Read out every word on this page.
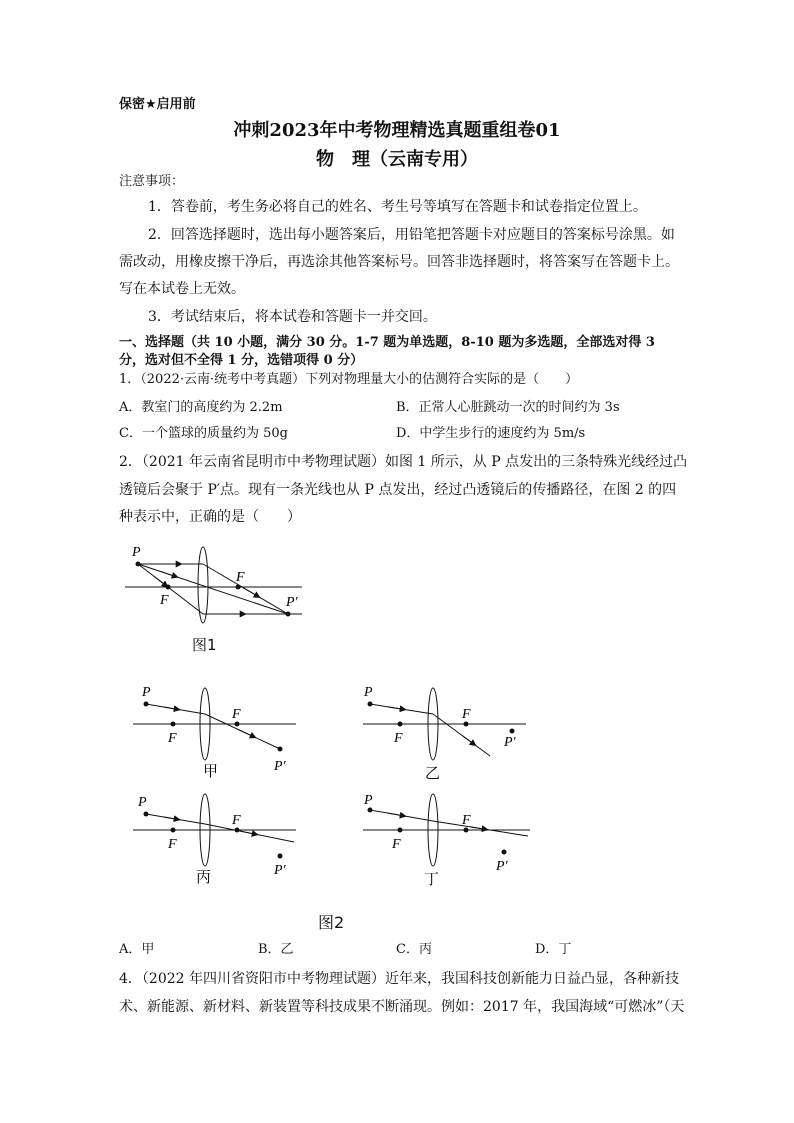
保密★启用前
冲刺2023年中考物理精选真题重组卷01
物　理（云南专用）
注意事项：
1．答卷前，考生务必将自己的姓名、考生号等填写在答题卡和试卷指定位置上。
2．回答选择题时，选出每小题答案后，用铅笔把答题卡对应题目的答案标号涂黑。如
需改动，用橡皮擦干净后，再选涂其他答案标号。回答非选择题时，将答案写在答题卡上。
写在本试卷上无效。
3．考试结束后，将本试卷和答题卡一并交回。
一、选择题（共 10 小题，满分 30 分。1-7 题为单选题，8-10 题为多选题，全部选对得 3
分，选对但不全得 1 分，选错项得 0 分）
1．（2022·云南·统考中考真题）下列对物理量大小的估测符合实际的是（　　）
A．教室门的高度约为 2.2m	B．正常人心脏跳动一次的时间约为 3s
C．一个篮球的质量约为 50g	D．中学生步行的速度约为 5m/s
2．（2021 年云南省昆明市中考物理试题）如图 1 所示，从 P 点发出的三条特殊光线经过凸
透镜后会聚于 P′点。现有一条光线也从 P 点发出，经过凸透镜后的传播路径，在图 2 的四
种表示中，正确的是（　　）
P
F
F
P′
图1
P
F
F
P′
甲
P
F
F
P′
乙
P
F
F
P′
丙
P
F
F
P′
丁
图2
A．甲	B．乙	C．丙	D．丁
4．（2022 年四川省资阳市中考物理试题）近年来，我国科技创新能力日益凸显，各种新技
术、新能源、新材料、新装置等科技成果不断涌现。例如：2017 年，我国海域“可燃冰”（天
